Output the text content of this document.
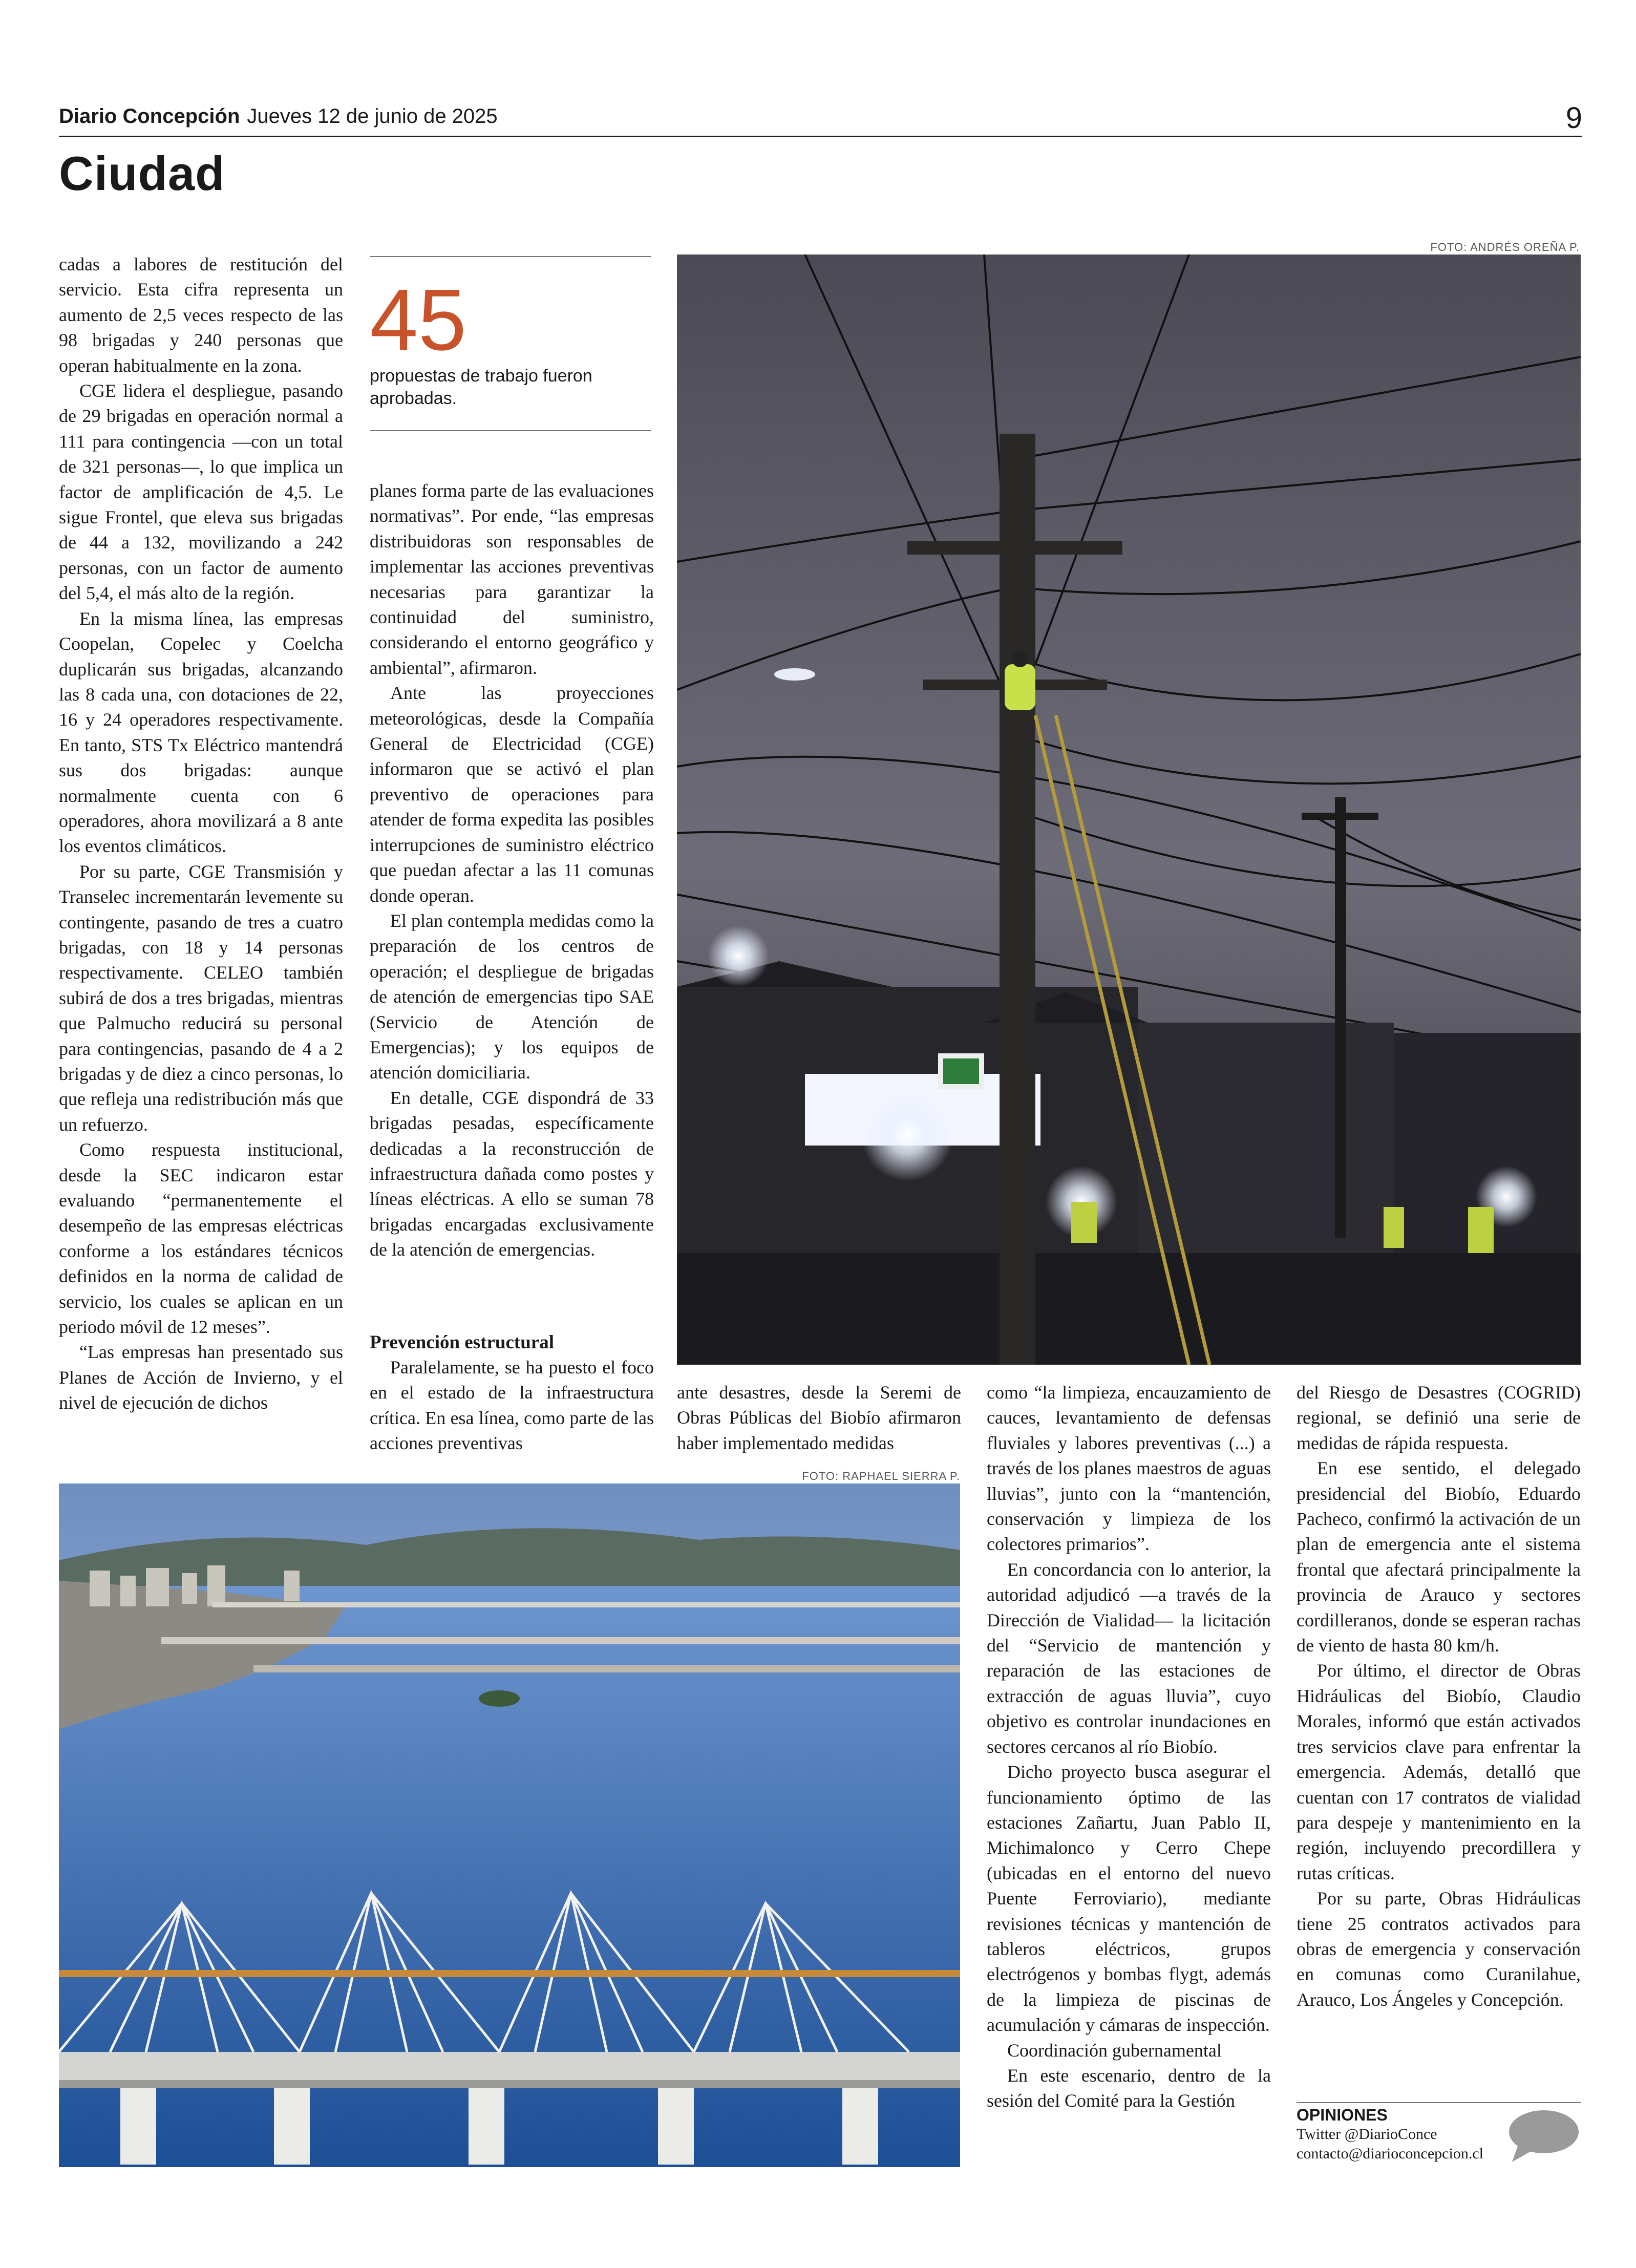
Diario Concepción Jueves 12 de junio de 2025	9
Ciudad

cadas a labores de restitución del servicio. Esta cifra representa un aumento de 2,5 veces respecto de las 98 brigadas y 240 personas que operan habitualmente en la zona.

CGE lidera el despliegue, pasando de 29 brigadas en operación normal a 111 para contingencia —con un total de 321 personas—, lo que implica un factor de amplificación de 4,5. Le sigue Frontel, que eleva sus brigadas de 44 a 132, movilizando a 242 personas, con un factor de aumento del 5,4, el más alto de la región.

En la misma línea, las empresas Coopelan, Copelec y Coelcha duplicarán sus brigadas, alcanzando las 8 cada una, con dotaciones de 22, 16 y 24 operadores respectivamente. En tanto, STS Tx Eléctrico mantendrá sus dos brigadas: aunque normalmente cuenta con 6 operadores, ahora movilizará a 8 ante los eventos climáticos.

Por su parte, CGE Transmisión y Transelec incrementarán levemente su contingente, pasando de tres a cuatro brigadas, con 18 y 14 personas respectivamente. CELEO también subirá de dos a tres brigadas, mientras que Palmucho reducirá su personal para contingencias, pasando de 4 a 2 brigadas y de diez a cinco personas, lo que refleja una redistribución más que un refuerzo.

Como respuesta institucional, desde la SEC indicaron estar evaluando “permanentemente el desempeño de las empresas eléctricas conforme a los estándares técnicos definidos en la norma de calidad de servicio, los cuales se aplican en un periodo móvil de 12 meses”.

“Las empresas han presentado sus Planes de Acción de Invierno, y el nivel de ejecución de dichos

45
propuestas de trabajo fueron aprobadas.

planes forma parte de las evaluaciones normativas”. Por ende, “las empresas distribuidoras son responsables de implementar las acciones preventivas necesarias para garantizar la continuidad del suministro, considerando el entorno geográfico y ambiental”, afirmaron.

Ante las proyecciones meteorológicas, desde la Compañía General de Electricidad (CGE) informaron que se activó el plan preventivo de operaciones para atender de forma expedita las posibles interrupciones de suministro eléctrico que puedan afectar a las 11 comunas donde operan.

El plan contempla medidas como la preparación de los centros de operación; el despliegue de brigadas de atención de emergencias tipo SAE (Servicio de Atención de Emergencias); y los equipos de atención domiciliaria.

En detalle, CGE dispondrá de 33 brigadas pesadas, específicamente dedicadas a la reconstrucción de infraestructura dañada como postes y líneas eléctricas. A ello se suman 78 brigadas encargadas exclusivamente de la atención de emergencias.

Prevención estructural

Paralelamente, se ha puesto el foco en el estado de la infraestructura crítica. En esa línea, como parte de las acciones preventivas

FOTO: ANDRÉS OREÑA P.

ante desastres, desde la Seremi de Obras Públicas del Biobío afirmaron haber implementado medidas

FOTO: RAPHAEL SIERRA P.

como “la limpieza, encauzamiento de cauces, levantamiento de defensas fluviales y labores preventivas (...) a través de los planes maestros de aguas lluvias”, junto con la “mantención, conservación y limpieza de los colectores primarios”.

En concordancia con lo anterior, la autoridad adjudicó —a través de la Dirección de Vialidad— la licitación del “Servicio de mantención y reparación de las estaciones de extracción de aguas lluvia”, cuyo objetivo es controlar inundaciones en sectores cercanos al río Biobío.

Dicho proyecto busca asegurar el funcionamiento óptimo de las estaciones Zañartu, Juan Pablo II, Michimalonco y Cerro Chepe (ubicadas en el entorno del nuevo Puente Ferroviario), mediante revisiones técnicas y mantención de tableros eléctricos, grupos electrógenos y bombas flygt, además de la limpieza de piscinas de acumulación y cámaras de inspección.

Coordinación gubernamental

En este escenario, dentro de la sesión del Comité para la Gestión

del Riesgo de Desastres (COGRID) regional, se definió una serie de medidas de rápida respuesta.

En ese sentido, el delegado presidencial del Biobío, Eduardo Pacheco, confirmó la activación de un plan de emergencia ante el sistema frontal que afectará principalmente la provincia de Arauco y sectores cordilleranos, donde se esperan rachas de viento de hasta 80 km/h.

Por último, el director de Obras Hidráulicas del Biobío, Claudio Morales, informó que están activados tres servicios clave para enfrentar la emergencia. Además, detalló que cuentan con 17 contratos de vialidad para despeje y mantenimiento en la región, incluyendo precordillera y rutas críticas.

Por su parte, Obras Hidráulicas tiene 25 contratos activados para obras de emergencia y conservación en comunas como Curanilahue, Arauco, Los Ángeles y Concepción.

OPINIONES
Twitter @DiarioConce
contacto@diarioconcepcion.cl
